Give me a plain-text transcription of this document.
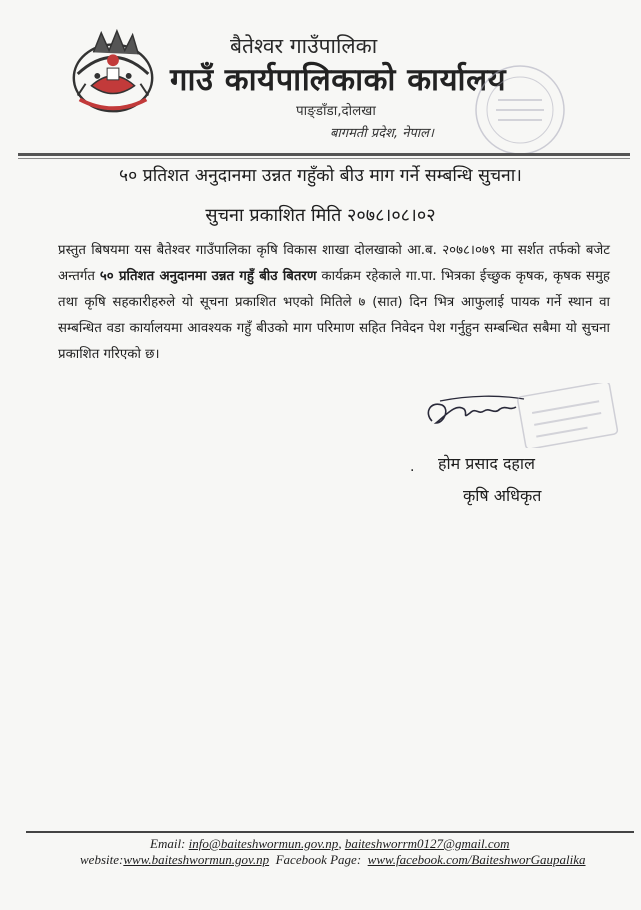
बैतेश्वर गाउँपालिका
गाउँ कार्यपालिकाको कार्यालय
पाङ्डाँडा,दोलखा
बागमती प्रदेश, नेपाल।
५० प्रतिशत अनुदानमा उन्नत गहुँको बीउ माग गर्ने सम्बन्धि सुचना।
सुचना प्रकाशित मिति २०७८।०८।०२
प्रस्तुत बिषयमा यस बैतेश्वर गाउँपालिका कृषि विकास शाखा दोलखाको आ.ब. २०७८।०७९ मा सर्शत तर्फको बजेट अन्तर्गत ५० प्रतिशत अनुदानमा उन्नत गहुँ बीउ बितरण कार्यक्रम रहेकाले गा.पा. भित्रका ईच्छुक कृषक, कृषक समुह तथा कृषि सहकारीहरुले यो सूचना प्रकाशित भएको मितिले ७ (सात) दिन भित्र आफुलाई पायक गर्ने स्थान वा सम्बन्धित वडा कार्यालयमा आवश्यक गहुँ बीउको माग परिमाण सहित निवेदन पेश गर्नुहुन सम्बन्धित सबैमा यो सुचना प्रकाशित गरिएको छ।
. होम प्रसाद दहाल
कृषि अधिकृत
Email: info@baiteshwormun.gov.np, baiteshworrm0127@gmail.com
website:www.baiteshwormun.gov.np  Facebook Page:  www.facebook.com/BaiteshworGaupalika
